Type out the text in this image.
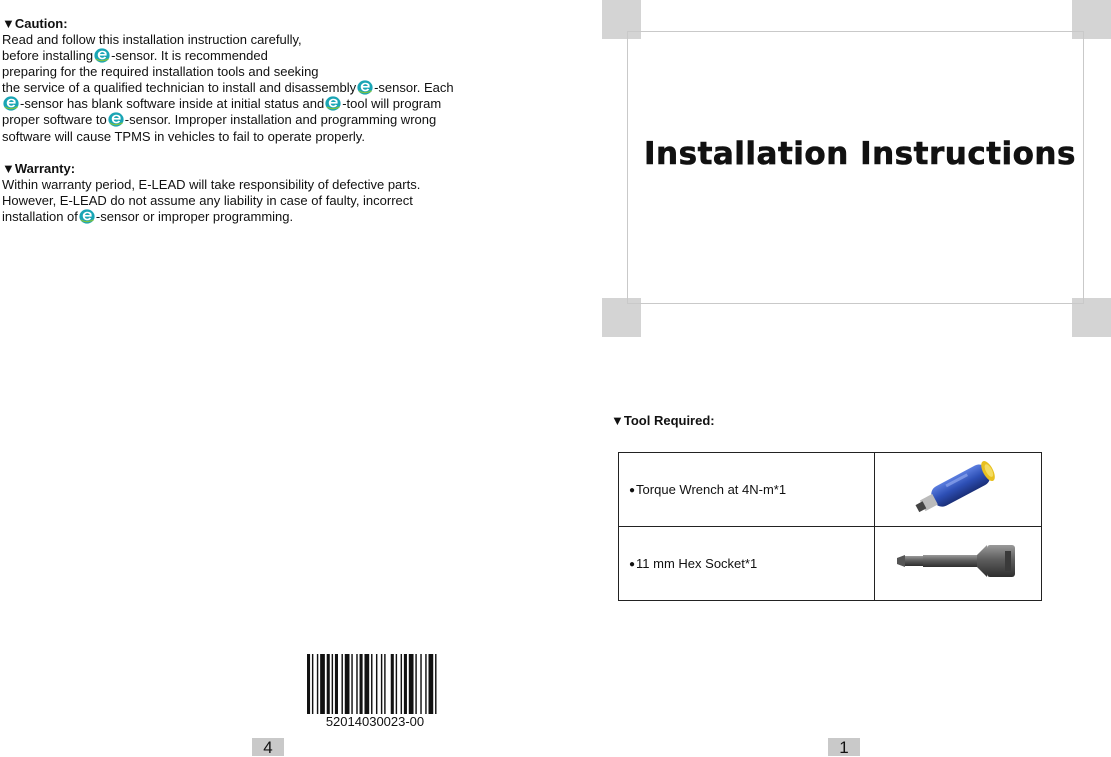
▼Caution:
Read and follow this installation instruction carefully,
before installing -sensor. It is recommended
preparing for the required installation tools and seeking
the service of a qualified technician to install and disassembly -sensor. Each
-sensor has blank software inside at initial status and -tool will program
proper software to -sensor. Improper installation and programming wrong
software will cause TPMS in vehicles to fail to operate properly.
▼Warranty:
Within warranty period, E-LEAD will take responsibility of defective parts.
However, E-LEAD do not assume any liability in case of faulty, incorrect
installation of -sensor or improper programming.
52014030023-00
4
Installation Instructions
▼Tool Required:
●Torque Wrench at 4N-m*1	
●11 mm Hex Socket*1	
1
